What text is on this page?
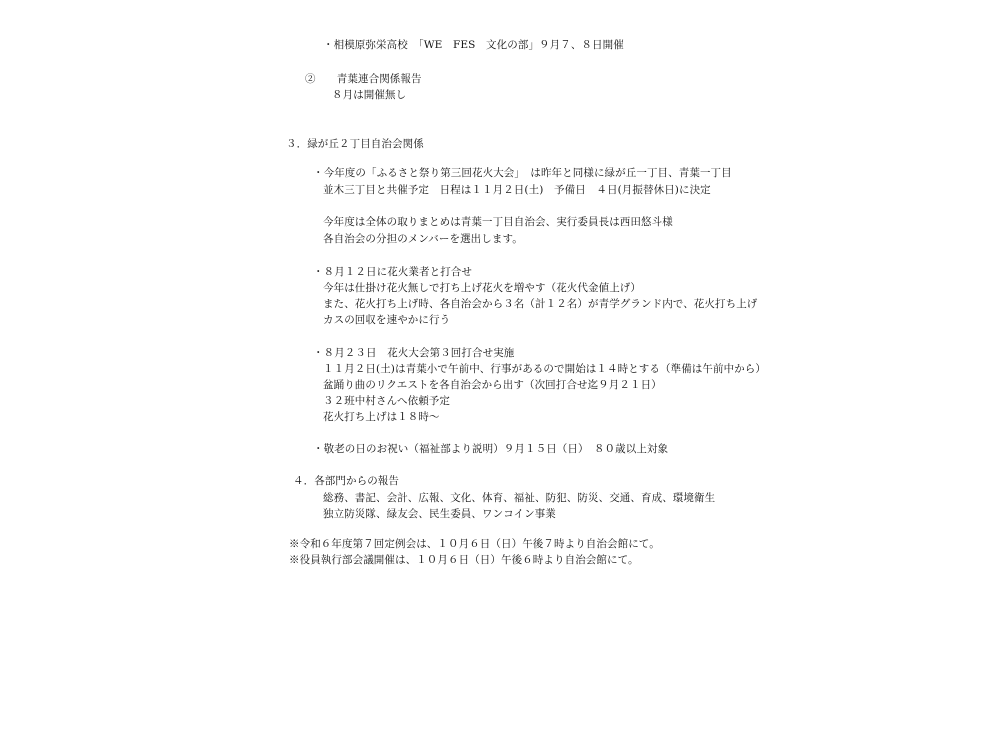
・相模原弥栄高校　「WE　FES　文化の部」９月７、８日開催
②　　青葉連合関係報告
８月は開催無し
３．緑が丘２丁目自治会関係
・今年度の「ふるさと祭り第三回花火大会」　は昨年と同様に緑が丘一丁目、青葉一丁目
並木三丁目と共催予定　日程は１１月２日(土)　予備日　４日(月振替休日)に決定
今年度は全体の取りまとめは青葉一丁目自治会、実行委員長は西田悠斗様
各自治会の分担のメンバーを選出します。
・８月１２日に花火業者と打合せ
今年は仕掛け花火無しで打ち上げ花火を増やす（花火代金値上げ）
また、花火打ち上げ時、各自治会から３名（計１２名）が青学グランド内で、花火打ち上げ
カスの回収を速やかに行う
・８月２３日　花火大会第３回打合せ実施
１１月２日(土)は青葉小で午前中、行事があるので開始は１４時とする（準備は午前中から）
盆踊り曲のリクエストを各自治会から出す（次回打合せ迄９月２１日）
３２班中村さんへ依頼予定
花火打ち上げは１８時～
・敬老の日のお祝い（福祉部より説明）９月１５日（日）　８０歳以上対象
４．各部門からの報告
総務、書記、会計、広報、文化、体育、福祉、防犯、防災、交通、育成、環境衛生
独立防災隊、緑友会、民生委員、ワンコイン事業
※令和６年度第７回定例会は、１０月６日（日）午後７時より自治会館にて。
※役員執行部会議開催は、１０月６日（日）午後６時より自治会館にて。
